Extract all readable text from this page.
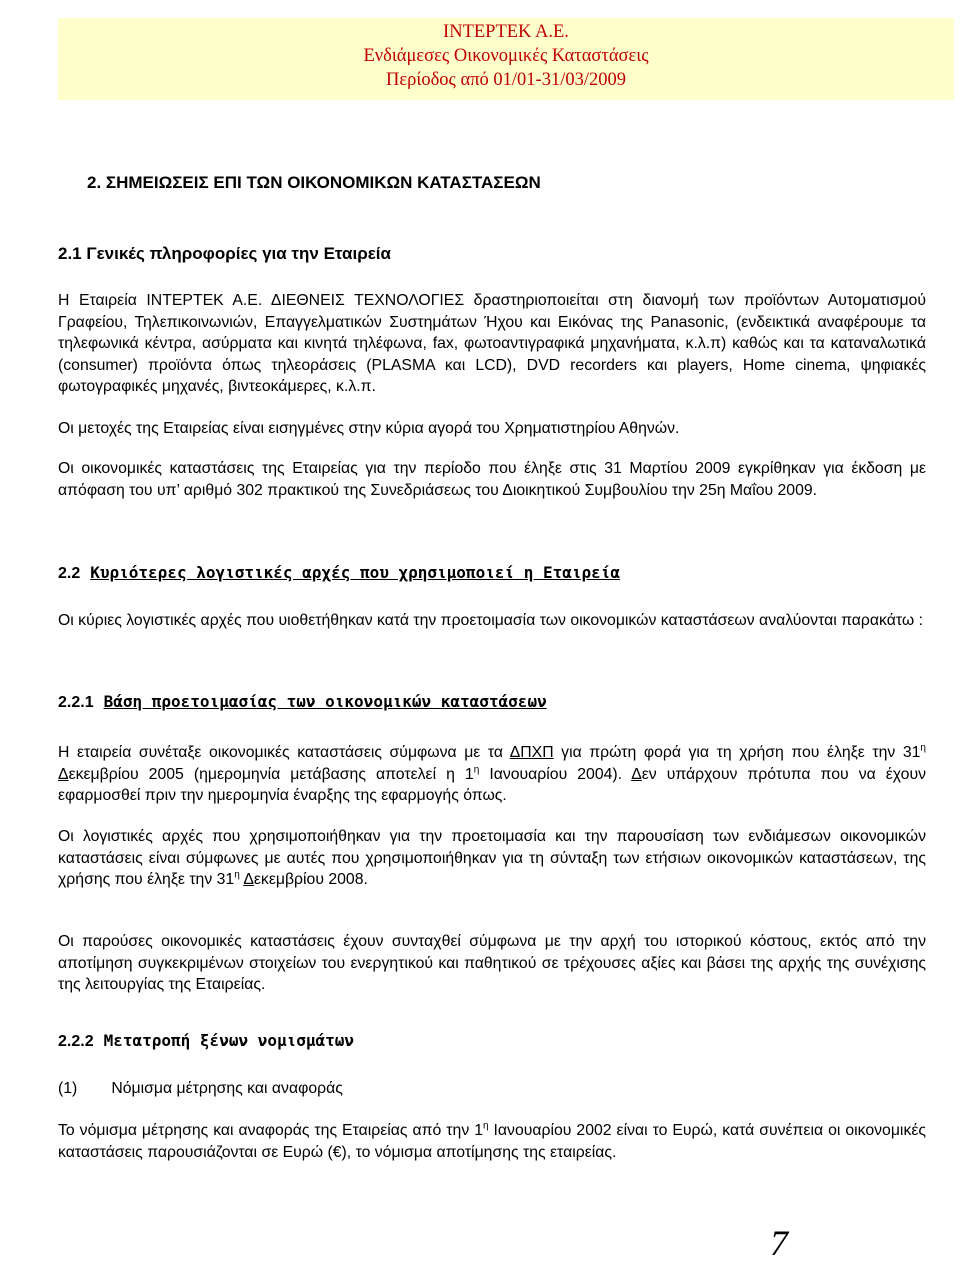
INTEPTEK A.E.
Ενδιάμεσες Οικονομικές Καταστάσεις
Περίοδος από 01/01-31/03/2009
2. ΣΗΜΕΙΩΣΕΙΣ ΕΠΙ ΤΩΝ ΟΙΚΟΝΟΜΙΚΩΝ ΚΑΤΑΣΤΑΣΕΩΝ
2.1 Γενικές πληροφορίες για την Εταιρεία
Η Εταιρεία ΙΝΤΕΡΤΕΚ Α.Ε. ΔΙΕΘΝΕΙΣ ΤΕΧΝΟΛΟΓΙΕΣ δραστηριοποιείται στη διανομή των προϊόντων Αυτοματισμού Γραφείου, Τηλεπικοινωνιών, Επαγγελματικών Συστημάτων Ήχου και Εικόνας της Panasonic, (ενδεικτικά αναφέρουμε τα τηλεφωνικά κέντρα, ασύρματα και κινητά τηλέφωνα, fax, φωτοαντιγραφικά μηχανήματα, κ.λ.π) καθώς και τα καταναλωτικά (consumer) προϊόντα όπως τηλεοράσεις (PLASMA και LCD), DVD recorders και players, Home cinema, ψηφιακές φωτογραφικές μηχανές, βιντεοκάμερες, κ.λ.π.
Οι μετοχές της Εταιρείας είναι εισηγμένες στην κύρια αγορά του Χρηματιστηρίου Αθηνών.
Οι οικονομικές καταστάσεις της Εταιρείας για την περίοδο που έληξε στις 31 Μαρτίου 2009 εγκρίθηκαν για έκδοση με απόφαση του υπ’ αριθμό 302 πρακτικού της Συνεδριάσεως του Διοικητικού Συμβουλίου την 25η Μαΐου 2009.
2.2 Κυριότερες λογιστικές αρχές που χρησιμοποιεί η Εταιρεία
Οι κύριες λογιστικές αρχές που υιοθετήθηκαν κατά την προετοιμασία των οικονομικών καταστάσεων αναλύονται παρακάτω :
2.2.1 Βάση προετοιμασίας των οικονομικών καταστάσεων
Η εταιρεία συνέταξε οικονομικές καταστάσεις σύμφωνα με τα ΔΠΧΠ για πρώτη φορά για τη χρήση που έληξε την $31^\eta$ Δεκεμβρίου 2005 (ημερομηνία μετάβασης αποτελεί η $1^\eta$ Ιανουαρίου 2004). Δεν υπάρχουν πρότυπα που να έχουν εφαρμοσθεί πριν την ημερομηνία έναρξης της εφαρμογής όπως.
Οι λογιστικές αρχές που χρησιμοποιήθηκαν για την προετοιμασία και την παρουσίαση των ενδιάμεσων οικονομικών καταστάσεις είναι σύμφωνες με αυτές που χρησιμοποιήθηκαν για τη σύνταξη των ετήσιων οικονομικών καταστάσεων, της χρήσης που έληξε την $31^\eta$ Δεκεμβρίου 2008.
Οι παρούσες οικονομικές καταστάσεις έχουν συνταχθεί σύμφωνα με την αρχή του ιστορικού κόστους, εκτός από την αποτίμηση συγκεκριμένων στοιχείων του ενεργητικού και παθητικού σε τρέχουσες αξίες και βάσει της αρχής της συνέχισης της λειτουργίας της Εταιρείας.
2.2.2 Μετατροπή ξένων νομισμάτων
(1) Νόμισμα μέτρησης και αναφοράς
Το νόμισμα μέτρησης και αναφοράς της Εταιρείας από την $1^\eta$ Ιανουαρίου 2002 είναι το Ευρώ, κατά συνέπεια οι οικονομικές καταστάσεις παρουσιάζονται σε Ευρώ (€), το νόμισμα αποτίμησης της εταιρείας.
7
